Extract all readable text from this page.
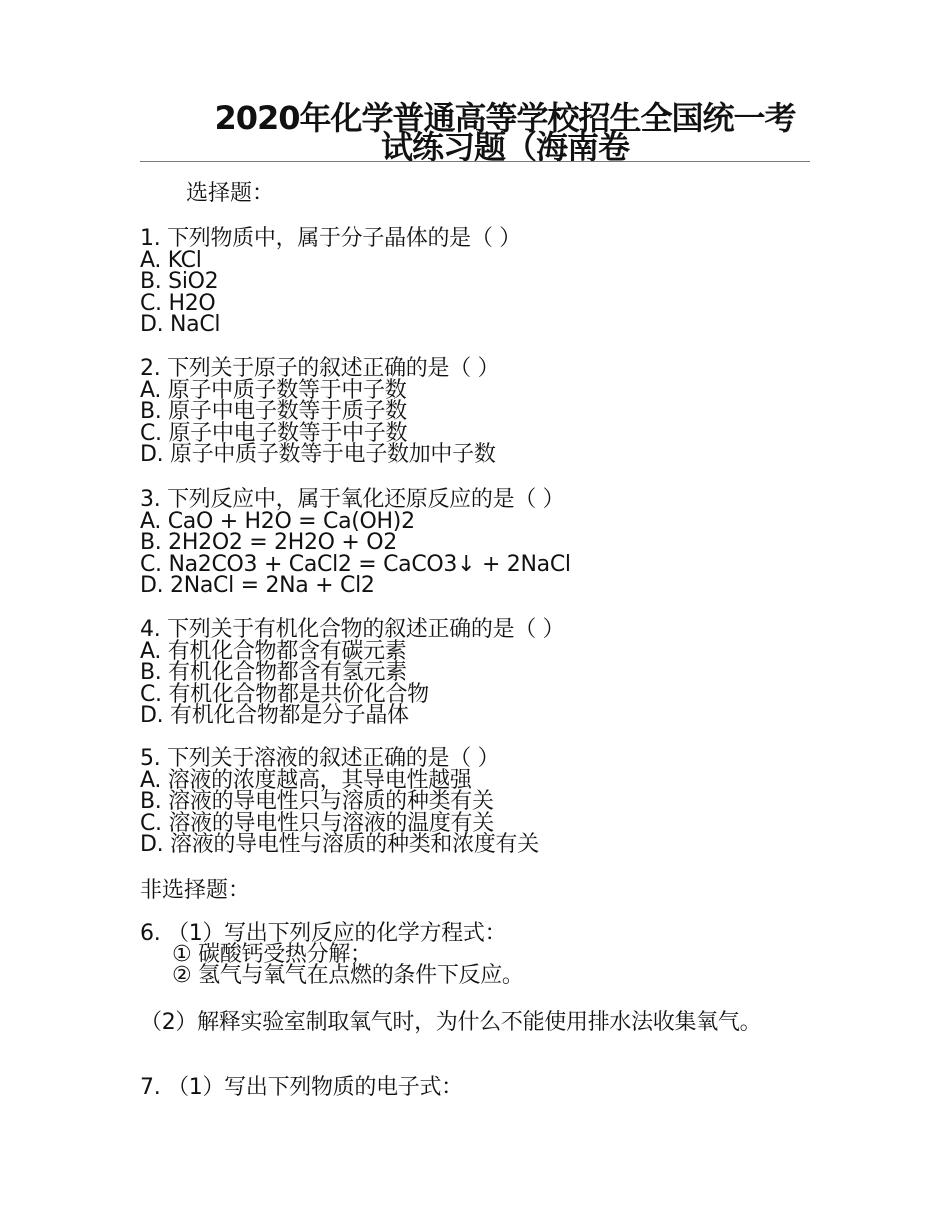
2020年化学普通高等学校招生全国统一考试练习题（海南卷
选择题：
1. 下列物质中，属于分子晶体的是（ ）
A. KCl
B. SiO2
C. H2O
D. NaCl
2. 下列关于原子的叙述正确的是（ ）
A. 原子中质子数等于中子数
B. 原子中电子数等于质子数
C. 原子中电子数等于中子数
D. 原子中质子数等于电子数加中子数
3. 下列反应中，属于氧化还原反应的是（ ）
A. CaO + H2O = Ca(OH)2
B. 2H2O2 = 2H2O + O2
C. Na2CO3 + CaCl2 = CaCO3↓ + 2NaCl
D. 2NaCl = 2Na + Cl2
4. 下列关于有机化合物的叙述正确的是（ ）
A. 有机化合物都含有碳元素
B. 有机化合物都含有氢元素
C. 有机化合物都是共价化合物
D. 有机化合物都是分子晶体
5. 下列关于溶液的叙述正确的是（ ）
A. 溶液的浓度越高，其导电性越强
B. 溶液的导电性只与溶质的种类有关
C. 溶液的导电性只与溶液的温度有关
D. 溶液的导电性与溶质的种类和浓度有关
非选择题：
6. （1）写出下列反应的化学方程式：
① 碳酸钙受热分解；
② 氢气与氧气在点燃的条件下反应。
（2）解释实验室制取氧气时，为什么不能使用排水法收集氧气。
7. （1）写出下列物质的电子式：
